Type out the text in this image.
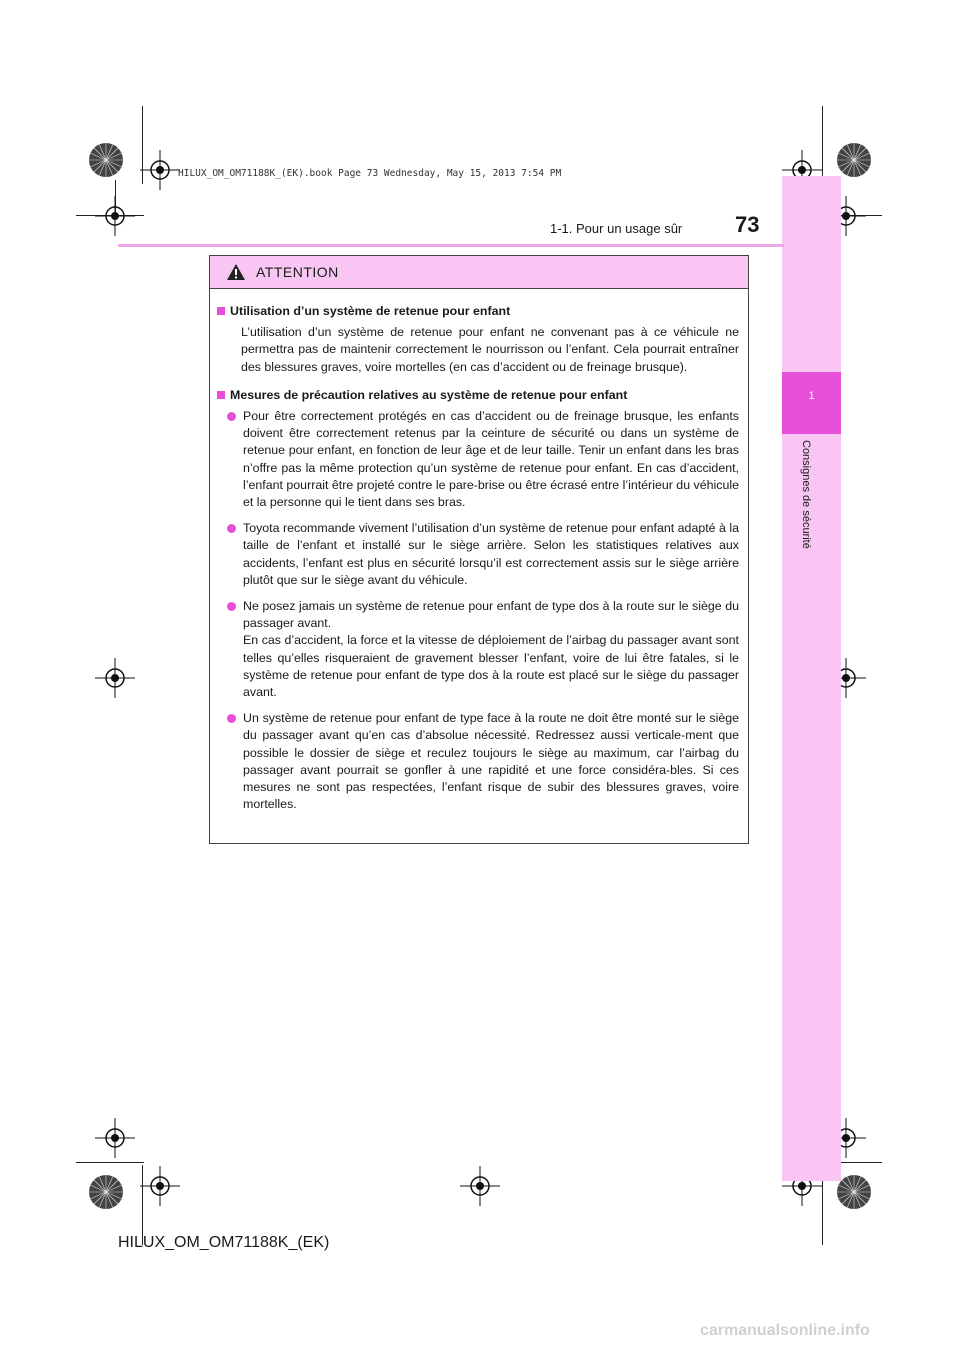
HILUX_OM_OM71188K_(EK).book Page 73 Wednesday, May 15, 2013 7:54 PM
1
Consignes de sécurité
1-1. Pour un usage sûr 73
ATTENTION
Utilisation d’un système de retenue pour enfant
L’utilisation d’un système de retenue pour enfant ne convenant pas à ce véhicule ne permettra pas de maintenir correctement le nourrisson ou l’enfant. Cela pourrait entraîner des blessures graves, voire mortelles (en cas d’accident ou de freinage brusque).
Mesures de précaution relatives au système de retenue pour enfant
Pour être correctement protégés en cas d’accident ou de freinage brusque, les enfants doivent être correctement retenus par la ceinture de sécurité ou dans un système de retenue pour enfant, en fonction de leur âge et de leur taille. Tenir un enfant dans les bras n’offre pas la même protection qu’un système de retenue pour enfant. En cas d’accident, l’enfant pourrait être projeté contre le pare-brise ou être écrasé entre l’intérieur du véhicule et la personne qui le tient dans ses bras.
Toyota recommande vivement l’utilisation d’un système de retenue pour enfant adapté à la taille de l’enfant et installé sur le siège arrière. Selon les statistiques relatives aux accidents, l’enfant est plus en sécurité lorsqu’il est correctement assis sur le siège arrière plutôt que sur le siège avant du véhicule.

Ne posez jamais un système de retenue pour enfant de type dos à la route sur le siège du passager avant.

En cas d’accident, la force et la vitesse de déploiement de l’airbag du passager avant sont telles qu’elles risqueraient de gravement blesser l’enfant, voire de lui être fatales, si le système de retenue pour enfant de type dos à la route est placé sur le siège du passager avant.

Un système de retenue pour enfant de type face à la route ne doit être monté sur le siège du passager avant qu’en cas d’absolue nécessité. Redressez aussi verticale-ment que possible le dossier de siège et reculez toujours le siège au maximum, car l’airbag du passager avant pourrait se gonfler à une rapidité et une force considéra-bles. Si ces mesures ne sont pas respectées, l’enfant risque de subir des blessures graves, voire mortelles.
HILUX_OM_OM71188K_(EK)
carmanualsonline.info
